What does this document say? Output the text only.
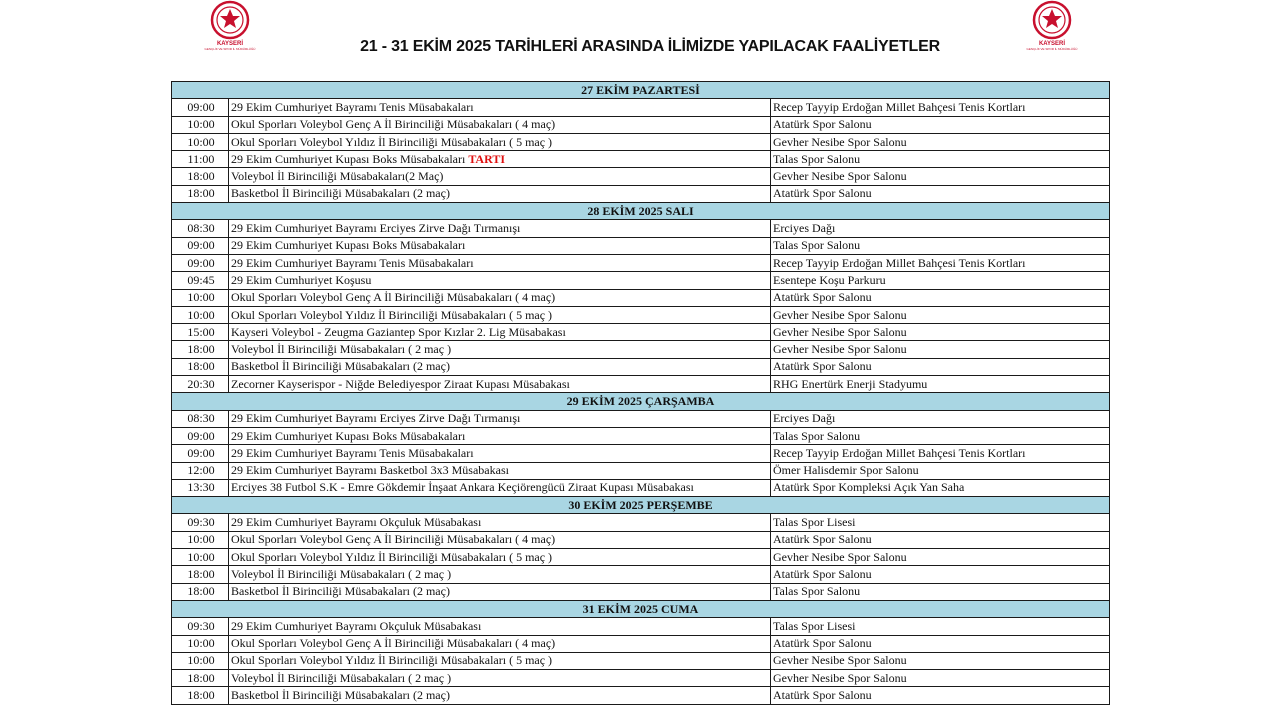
KAYSERİ
GENÇLİK VE SPOR İL MÜDÜRLÜĞÜ
KAYSERİ
GENÇLİK VE SPOR İL MÜDÜRLÜĞÜ
21 - 31 EKİM 2025 TARİHLERİ ARASINDA İLİMİZDE YAPILACAK FAALİYETLER
27 EKİM PAZARTESİ		
09:00	29 Ekim Cumhuriyet Bayramı Tenis Müsabakaları	Recep Tayyip Erdoğan Millet Bahçesi Tenis Kortları
10:00	Okul Sporları Voleybol Genç A İl Birinciliği Müsabakaları ( 4 maç)	Atatürk Spor Salonu
10:00	Okul Sporları Voleybol Yıldız İl Birinciliği Müsabakaları ( 5 maç )	Gevher Nesibe Spor Salonu
11:00	29 Ekim Cumhuriyet Kupası Boks Müsabakaları TARTI	Talas Spor Salonu
18:00	Voleybol İl Birinciliği Müsabakaları(2 Maç)	Gevher Nesibe Spor Salonu
18:00	Basketbol İl Birinciliği Müsabakaları (2 maç)	Atatürk Spor Salonu
28 EKİM 2025 SALI		
08:30	29 Ekim Cumhuriyet Bayramı Erciyes Zirve Dağı Tırmanışı	Erciyes Dağı
09:00	29 Ekim Cumhuriyet Kupası Boks Müsabakaları	Talas Spor Salonu
09:00	29 Ekim Cumhuriyet Bayramı Tenis Müsabakaları	Recep Tayyip Erdoğan Millet Bahçesi Tenis Kortları
09:45	29 Ekim Cumhuriyet Koşusu	Esentepe Koşu Parkuru
10:00	Okul Sporları Voleybol Genç A İl Birinciliği Müsabakaları ( 4 maç)	Atatürk Spor Salonu
10:00	Okul Sporları Voleybol Yıldız İl Birinciliği Müsabakaları ( 5 maç )	Gevher Nesibe Spor Salonu
15:00	Kayseri Voleybol - Zeugma Gaziantep Spor Kızlar 2. Lig Müsabakası	Gevher Nesibe Spor Salonu
18:00	Voleybol İl Birinciliği Müsabakaları ( 2 maç )	Gevher Nesibe Spor Salonu
18:00	Basketbol İl Birinciliği Müsabakaları (2 maç)	Atatürk Spor Salonu
20:30	Zecorner Kayserispor - Niğde Belediyespor Ziraat Kupası Müsabakası	RHG Enertürk Enerji Stadyumu
29 EKİM 2025 ÇARŞAMBA		
08:30	29 Ekim Cumhuriyet Bayramı Erciyes Zirve Dağı Tırmanışı	Erciyes Dağı
09:00	29 Ekim Cumhuriyet Kupası Boks Müsabakaları	Talas Spor Salonu
09:00	29 Ekim Cumhuriyet Bayramı Tenis Müsabakaları	Recep Tayyip Erdoğan Millet Bahçesi Tenis Kortları
12:00	29 Ekim Cumhuriyet Bayramı Basketbol 3x3 Müsabakası	Ömer Halisdemir Spor Salonu
13:30	Erciyes 38 Futbol S.K - Emre Gökdemir İnşaat Ankara Keçiörengücü Ziraat Kupası Müsabakası	Atatürk Spor Kompleksi Açık Yan Saha
30 EKİM 2025 PERŞEMBE		
09:30	29 Ekim Cumhuriyet Bayramı Okçuluk Müsabakası	Talas Spor Lisesi
10:00	Okul Sporları Voleybol Genç A İl Birinciliği Müsabakaları ( 4 maç)	Atatürk Spor Salonu
10:00	Okul Sporları Voleybol Yıldız İl Birinciliği Müsabakaları ( 5 maç )	Gevher Nesibe Spor Salonu
18:00	Voleybol İl Birinciliği Müsabakaları ( 2 maç )	Atatürk Spor Salonu
18:00	Basketbol İl Birinciliği Müsabakaları (2 maç)	Talas Spor Salonu
31 EKİM 2025 CUMA		
09:30	29 Ekim Cumhuriyet Bayramı Okçuluk Müsabakası	Talas Spor Lisesi
10:00	Okul Sporları Voleybol Genç A İl Birinciliği Müsabakaları ( 4 maç)	Atatürk Spor Salonu
10:00	Okul Sporları Voleybol Yıldız İl Birinciliği Müsabakaları ( 5 maç )	Gevher Nesibe Spor Salonu
18:00	Voleybol İl Birinciliği Müsabakaları ( 2 maç )	Gevher Nesibe Spor Salonu
18:00	Basketbol İl Birinciliği Müsabakaları (2 maç)	Atatürk Spor Salonu
